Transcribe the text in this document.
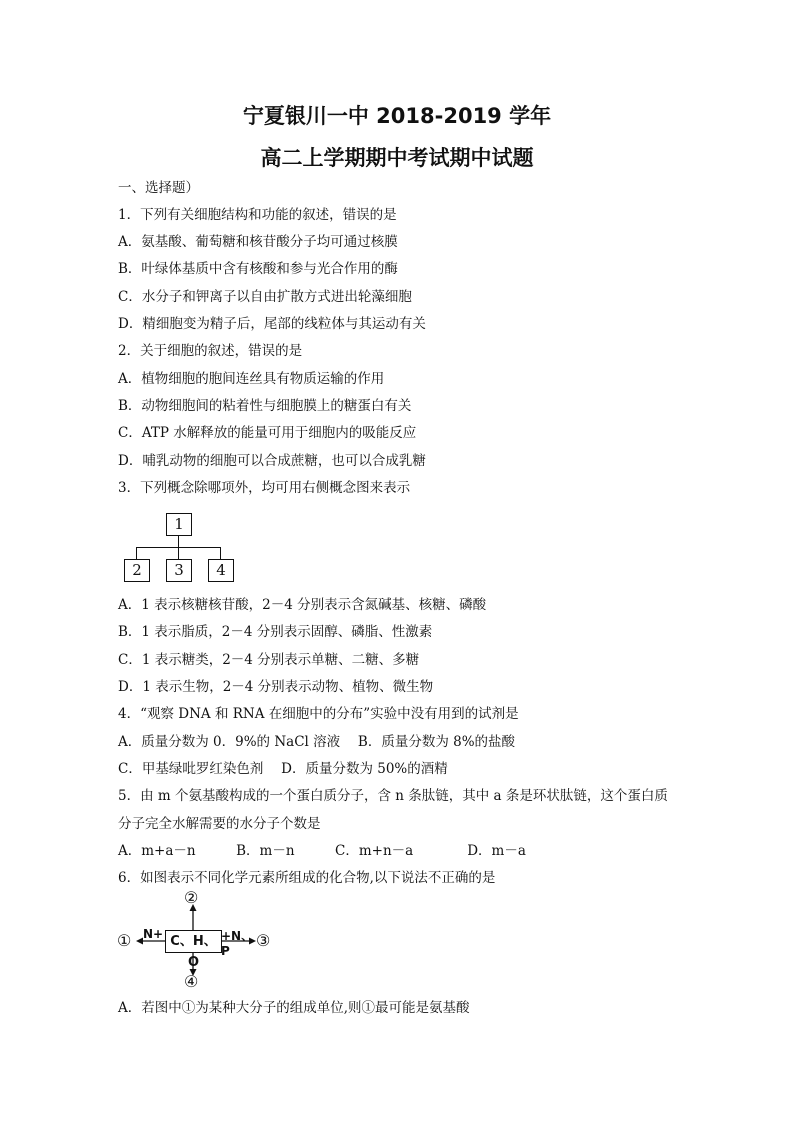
宁夏银川一中 2018-2019 学年
高二上学期期中考试期中试题
一、选择题）
1．下列有关细胞结构和功能的叙述，错误的是
A．氨基酸、葡萄糖和核苷酸分子均可通过核膜
B．叶绿体基质中含有核酸和参与光合作用的酶
C．水分子和钾离子以自由扩散方式进出轮藻细胞
D．精细胞变为精子后，尾部的线粒体与其运动有关
2．关于细胞的叙述，错误的是
A．植物细胞的胞间连丝具有物质运输的作用
B．动物细胞间的粘着性与细胞膜上的糖蛋白有关
C．ATP 水解释放的能量可用于细胞内的吸能反应
D．哺乳动物的细胞可以合成蔗糖，也可以合成乳糖
3．下列概念除哪项外，均可用右侧概念图来表示
1
2	3	4
A．1 表示核糖核苷酸，2－4 分别表示含氮碱基、核糖、磷酸
B．1 表示脂质，2－4 分别表示固醇、磷脂、性激素
C．1 表示糖类，2－4 分别表示单糖、二糖、多糖
D．1 表示生物，2－4 分别表示动物、植物、微生物
4．“观察 DNA 和 RNA 在细胞中的分布”实验中没有用到的试剂是
A．质量分数为 0．9%的 NaCl 溶液　 B．质量分数为 8%的盐酸
C．甲基绿吡罗红染色剂　 D．质量分数为 50%的酒精
5．由 m 个氨基酸构成的一个蛋白质分子，含 n 条肽链，其中 a 条是环状肽链，这个蛋白质
分子完全水解需要的水分子个数是
A．m+a－n　　　B．m－n　　　C．m+n－a　　　　D．m－a
6．如图表示不同化学元素所组成的化合物,以下说法不正确的是
C、H、O
①
②
③
④
N+	+N、P
A．若图中①为某种大分子的组成单位,则①最可能是氨基酸
